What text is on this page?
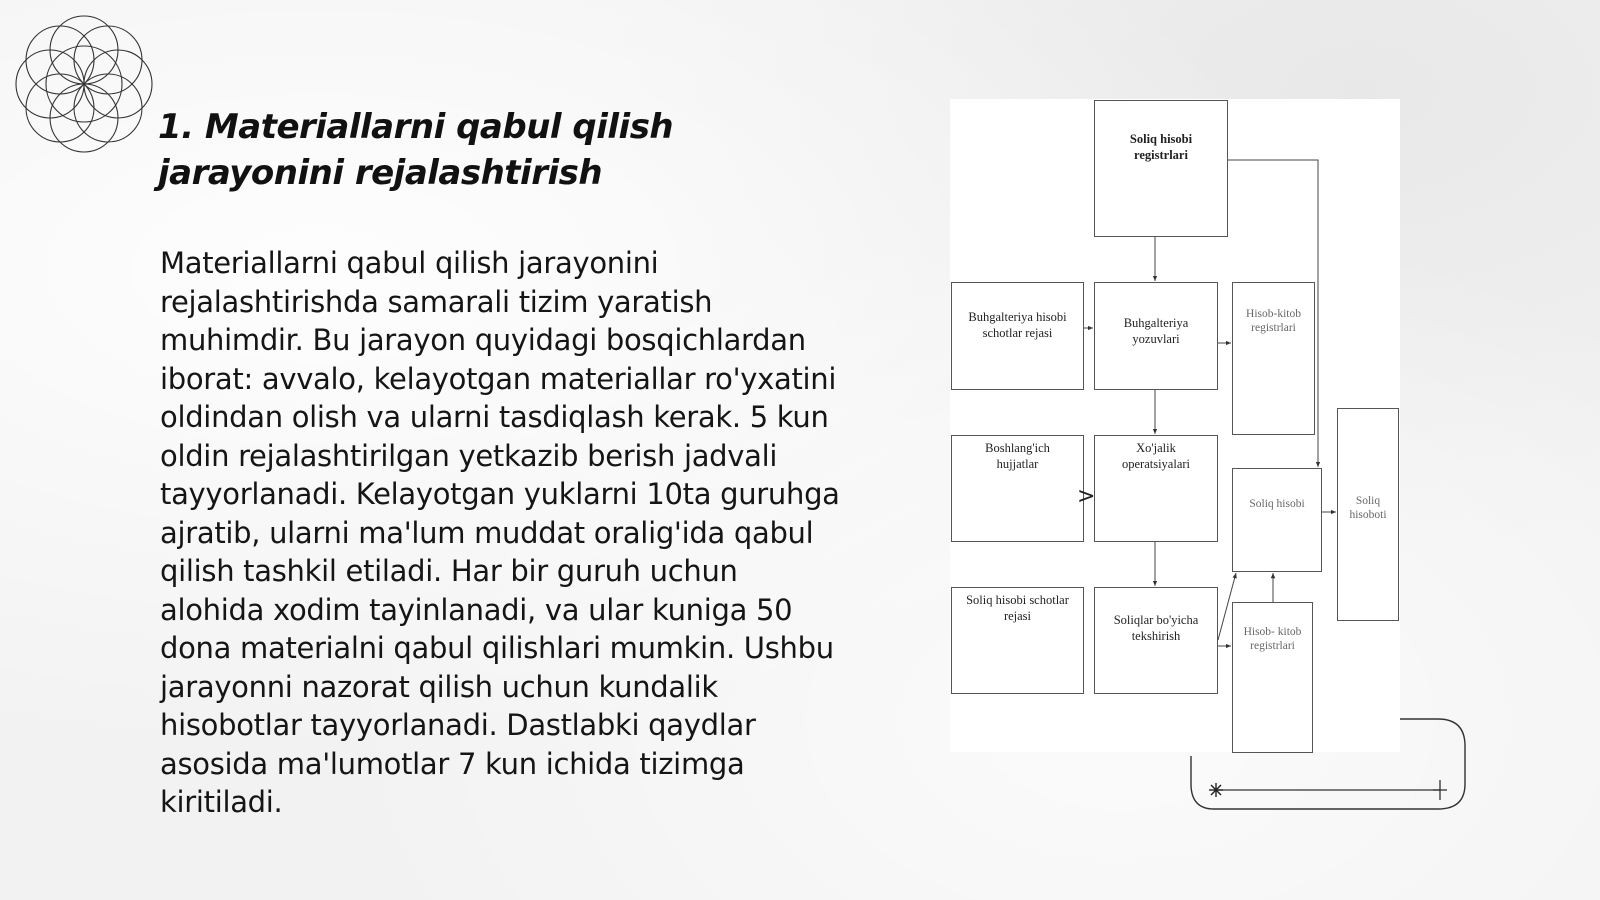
1. Materiallarni qabul qilish
jarayonini rejalashtirish

Materiallarni qabul qilish jarayonini rejalashtirishda samarali tizim yaratish muhimdir. Bu jarayon quyidagi bosqichlardan iborat: avvalo, kelayotgan materiallar ro'yxatini oldindan olish va ularni tasdiqlash kerak. 5 kun oldin rejalashtirilgan yetkazib berish jadvali tayyorlanadi. Kelayotgan yuklarni 10ta guruhga ajratib, ularni ma'lum muddat oralig'ida qabul qilish tashkil etiladi. Har bir guruh uchun alohida xodim tayinlanadi, va ular kuniga 50 dona materialni qabul qilishlari mumkin. Ushbu jarayonni nazorat qilish uchun kundalik hisobotlar tayyorlanadi. Dastlabki qaydlar asosida ma'lumotlar 7 kun ichida tizimga kiritiladi.

Soliq hisobi
registrlari
Buhgalteriya hisobi
schotlar rejasi
Buhgalteriya
yozuvlari
Hisob-kitob
registrlari
Boshlang'ich
hujjatlar
Xo'jalik
operatsiyalari
Soliq hisobi	Soliq
hisoboti
Soliq hisobi schotlar
rejasi	Soliqlar bo'yicha
tekshirish	Hisob- kitob
registrlari
>
